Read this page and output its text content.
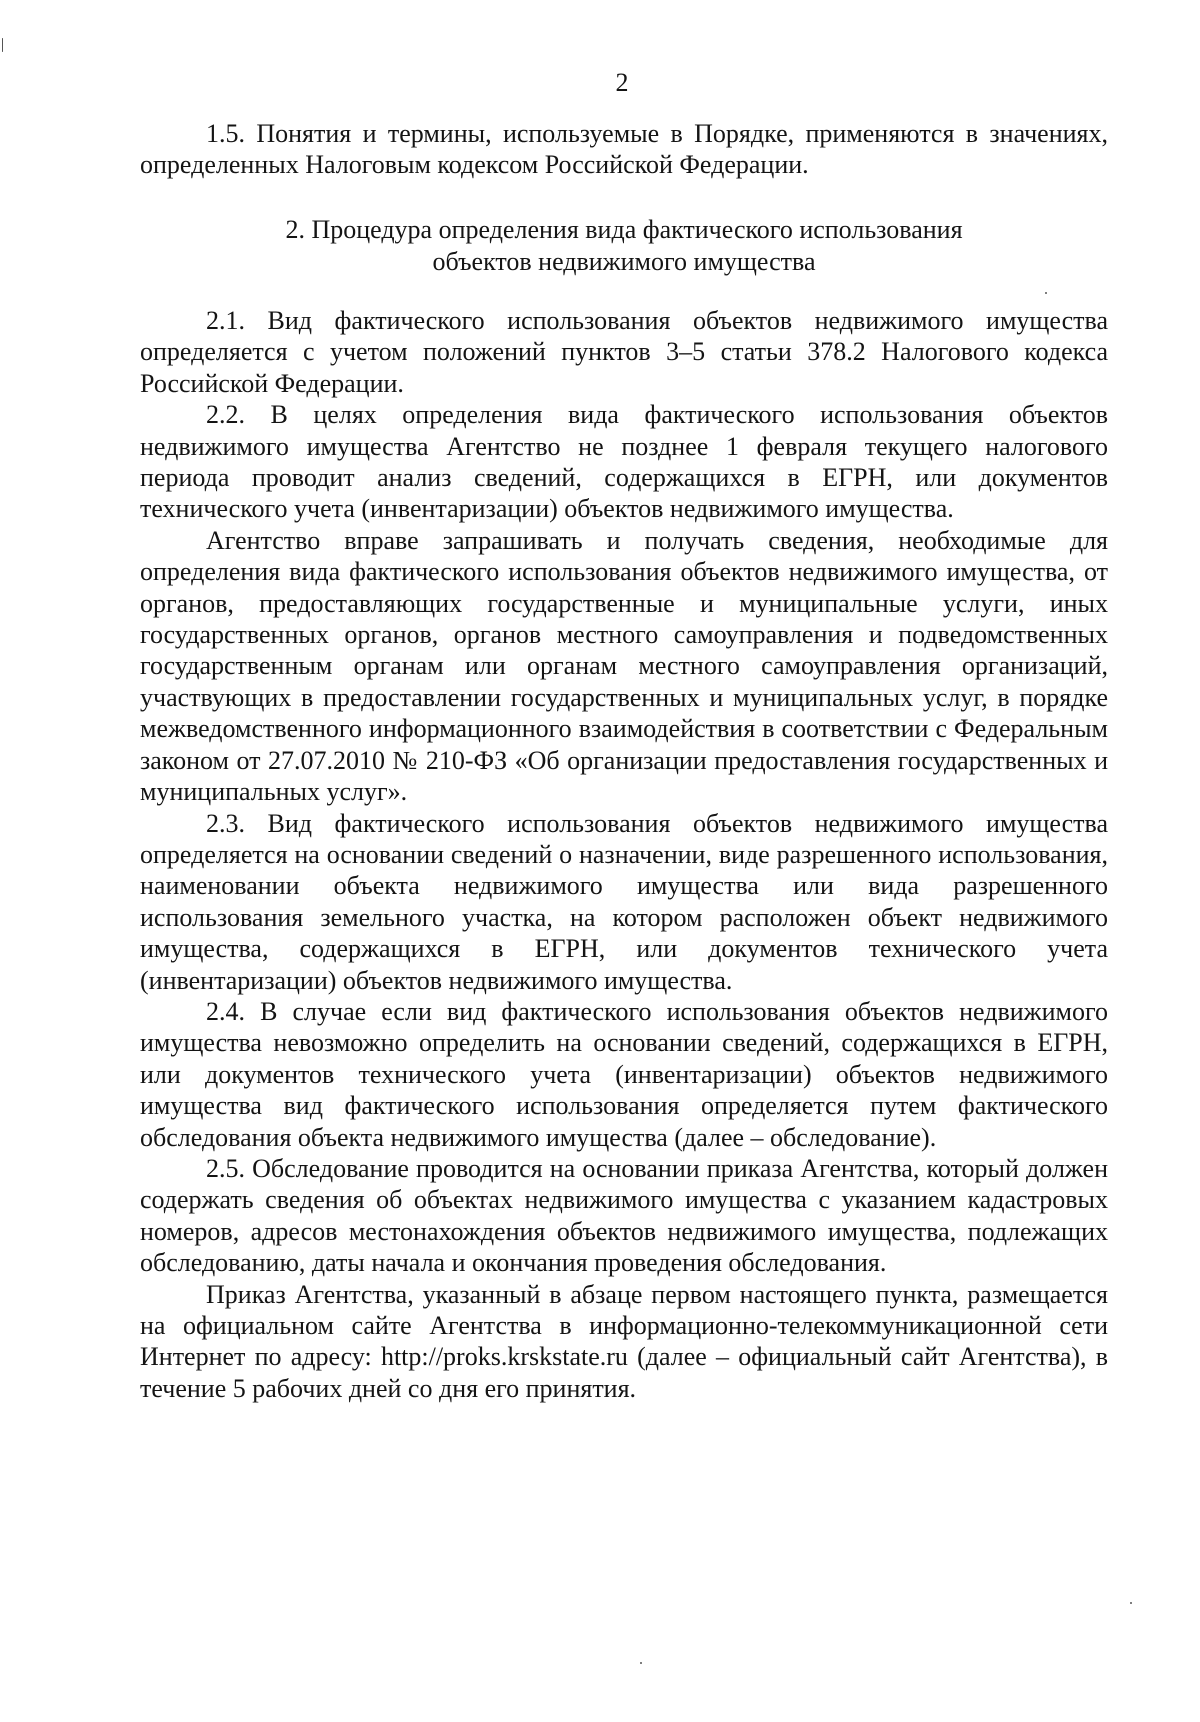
2

1.5. Понятия и термины, используемые в Порядке, применяются в значениях, определенных Налоговым кодексом Российской Федерации.

2. Процедура определения вида фактического использования

объектов недвижимого имущества

2.1. Вид фактического использования объектов недвижимого имущества определяется с учетом положений пунктов 3–5 статьи 378.2 Налогового кодекса Российской Федерации.

2.2. В целях определения вида фактического использования объектов недвижимого имущества Агентство не позднее 1 февраля текущего налогового периода проводит анализ сведений, содержащихся в ЕГРН, или документов технического учета (инвентаризации) объектов недвижимого имущества.

Агентство вправе запрашивать и получать сведения, необходимые для определения вида фактического использования объектов недвижимого имущества, от органов, предоставляющих государственные и муниципальные услуги, иных государственных органов, органов местного самоуправления и подведомственных государственным органам или органам местного самоуправления организаций, участвующих в предоставлении государственных и муниципальных услуг, в порядке межведомственного информационного взаимодействия в соответствии с Федеральным законом от 27.07.2010 № 210-ФЗ «Об организации предоставления государственных и муниципальных услуг».

2.3. Вид фактического использования объектов недвижимого имущества определяется на основании сведений о назначении, виде разрешенного использования, наименовании объекта недвижимого имущества или вида разрешенного использования земельного участка, на котором расположен объект недвижимого имущества, содержащихся в ЕГРН, или документов технического учета (инвентаризации) объектов недвижимого имущества.

2.4. В случае если вид фактического использования объектов недвижимого имущества невозможно определить на основании сведений, содержащихся в ЕГРН, или документов технического учета (инвентаризации) объектов недвижимого имущества вид фактического использования определяется путем фактического обследования объекта недвижимого имущества (далее – обследование).

2.5. Обследование проводится на основании приказа Агентства, который должен содержать сведения об объектах недвижимого имущества с указанием кадастровых номеров, адресов местонахождения объектов недвижимого имущества, подлежащих обследованию, даты начала и окончания проведения обследования.

Приказ Агентства, указанный в абзаце первом настоящего пункта, размещается на официальном сайте Агентства в информационно-телекоммуникационной сети Интернет по адресу: http://proks.krskstate.ru (далее – официальный сайт Агентства), в течение 5 рабочих дней со дня его принятия.
